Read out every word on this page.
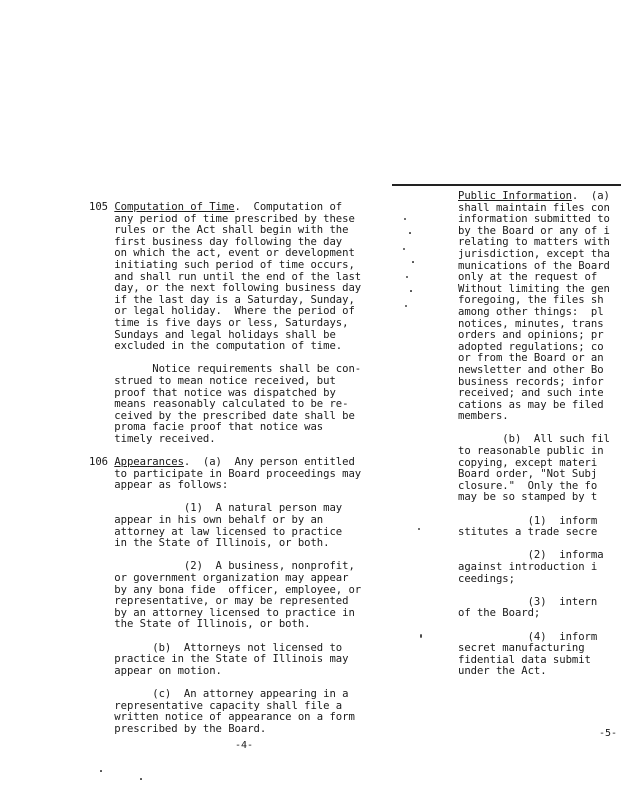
105 Computation of Time.  Computation of
any period of time prescribed by these
rules or the Act shall begin with the
first business day following the day
on which the act, event or development
initiating such period of time occurs,
and shall run until the end of the last
day, or the next following business day
if the last day is a Saturday, Sunday,
or legal holiday.  Where the period of
time is five days or less, Saturdays,
Sundays and legal holidays shall be
excluded in the computation of time.
Notice requirements shall be con-
strued to mean notice received, but
proof that notice was dispatched by
means reasonably calculated to be re-
ceived by the prescribed date shall be
proma facie proof that notice was
timely received.
106 Appearances.  (a)  Any person entitled
to participate in Board proceedings may
appear as follows:
(1)  A natural person may
appear in his own behalf or by an
attorney at law licensed to practice
in the State of Illinois, or both.
(2)  A business, nonprofit,
or government organization may appear
by any bona fide  officer, employee, or
representative, or may be represented
by an attorney licensed to practice in
the State of Illinois, or both.
(b)  Attorneys not licensed to
practice in the State of Illinois may
appear on motion.
(c)  An attorney appearing in a
representative capacity shall file a
written notice of appearance on a form
prescribed by the Board.
-4-
Public Information.  (a)
shall maintain files con
information submitted to
by the Board or any of i
relating to matters with
jurisdiction, except tha
munications of the Board
only at the request of
Without limiting the gen
foregoing, the files sh
among other things:  pl
notices, minutes, trans
orders and opinions; pr
adopted regulations; co
or from the Board or an
newsletter and other Bo
business records; infor
received; and such inte
cations as may be filed
members.
(b)  All such fil
to reasonable public in
copying, except materi
Board order, "Not Subj
closure."  Only the fo
may be so stamped by t
(1)  inform
stitutes a trade secre
(2)  informa
against introduction i
ceedings;
(3)  intern
of the Board;
(4)  inform
secret manufacturing
fidential data submit
under the Act.
-5-
